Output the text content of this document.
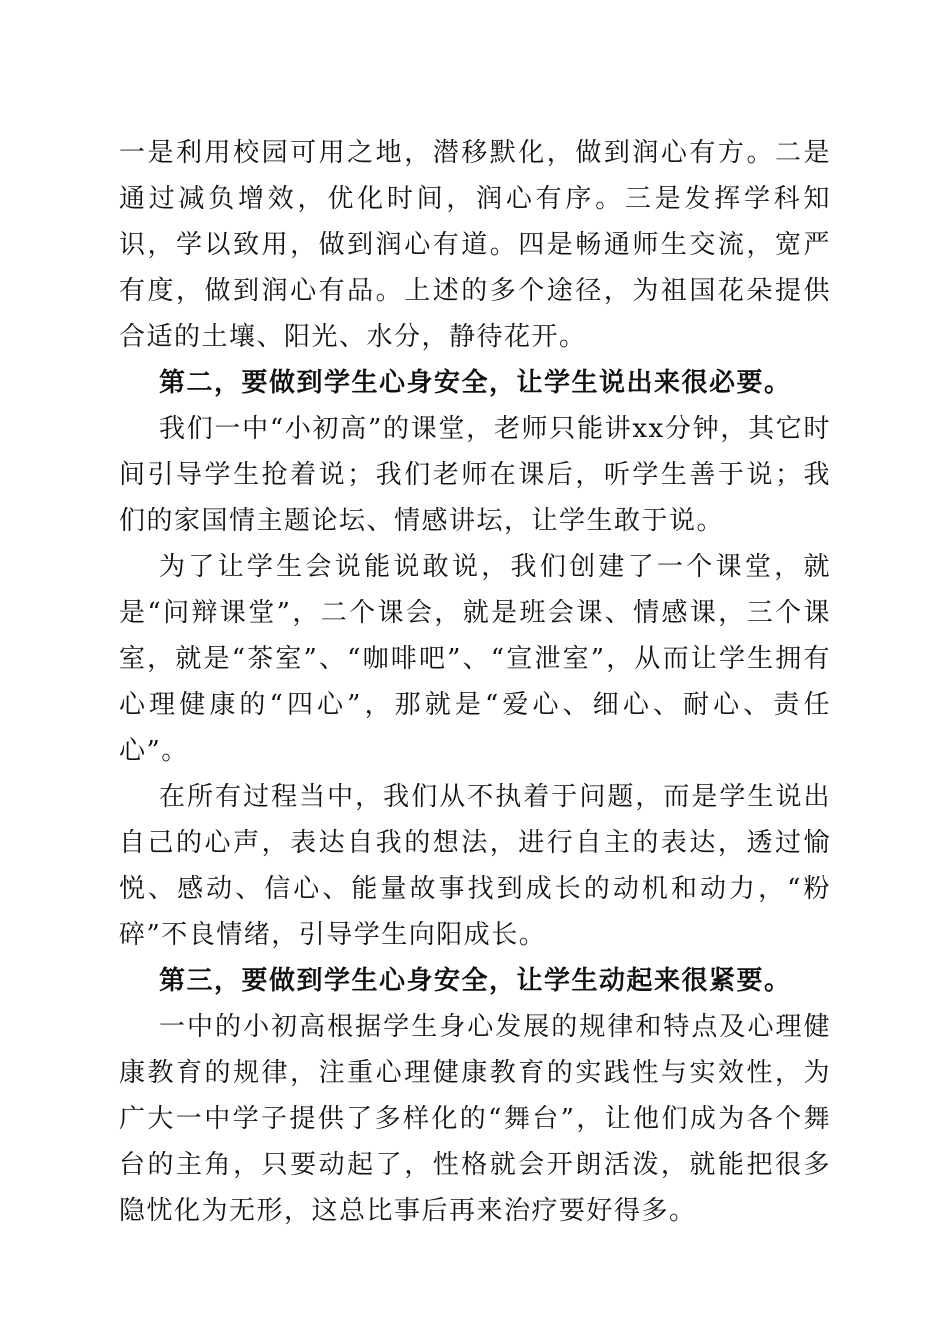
一是利用校园可用之地，潜移默化，做到润心有方。二是通过减负增效，优化时间，润心有序。三是发挥学科知识，学以致用，做到润心有道。四是畅通师生交流，宽严有度，做到润心有品。上述的多个途径，为祖国花朵提供合适的土壤、阳光、水分，静待花开。

第二，要做到学生心身安全，让学生说出来很必要。

我们一中“小初高”的课堂，老师只能讲xx分钟，其它时间引导学生抢着说；我们老师在课后，听学生善于说；我们的家国情主题论坛、情感讲坛，让学生敢于说。

为了让学生会说能说敢说，我们创建了一个课堂，就是“问辩课堂”，二个课会，就是班会课、情感课，三个课室，就是“茶室”、“咖啡吧”、“宣泄室”，从而让学生拥有心理健康的“四心”，那就是“爱心、细心、耐心、责任心”。

在所有过程当中，我们从不执着于问题，而是学生说出自己的心声，表达自我的想法，进行自主的表达，透过愉悦、感动、信心、能量故事找到成长的动机和动力，“粉碎”不良情绪，引导学生向阳成长。

第三，要做到学生心身安全，让学生动起来很紧要。

一中的小初高根据学生身心发展的规律和特点及心理健康教育的规律，注重心理健康教育的实践性与实效性，为广大一中学子提供了多样化的“舞台”，让他们成为各个舞台的主角，只要动起了，性格就会开朗活泼，就能把很多隐忧化为无形，这总比事后再来治疗要好得多。
